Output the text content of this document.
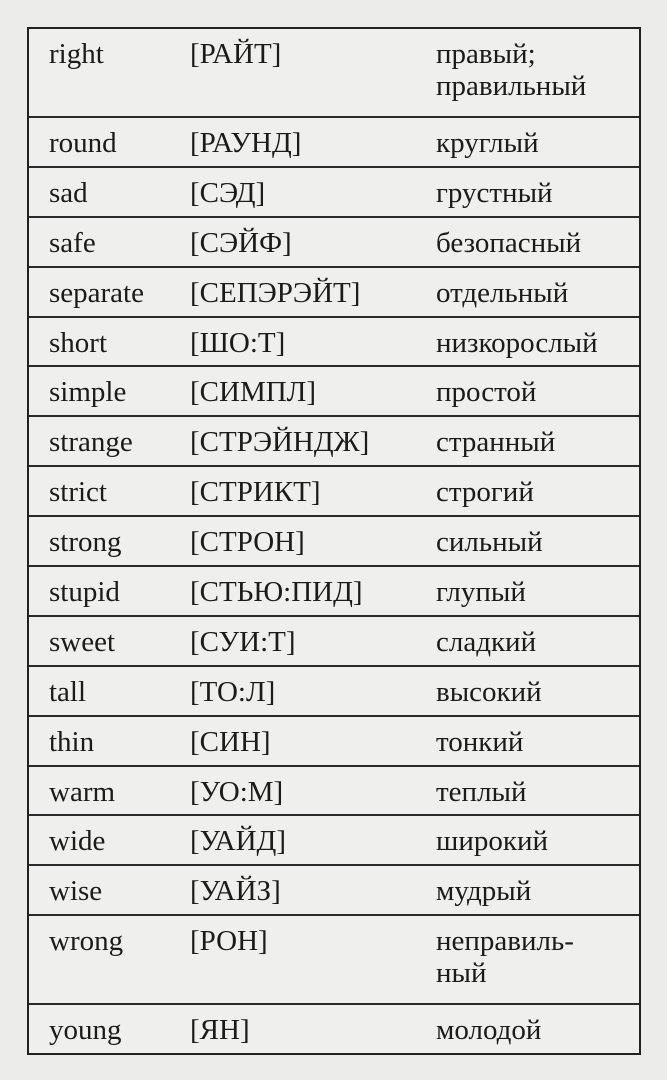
right	[РАЙТ]	правый;
правильный
round	[РАУНД]	круглый
sad	[СЭД]	грустный
safe	[СЭЙФ]	безопасный
separate	[СЕПЭРЭЙТ]	отдельный
short	[ШО:Т]	низкорослый
simple	[СИМПЛ]	простой
strange	[СТРЭЙНДЖ]	странный
strict	[СТРИКТ]	строгий
strong	[СТРОН]	сильный
stupid	[СТЬЮ:ПИД]	глупый
sweet	[СУИ:Т]	сладкий
tall	[ТО:Л]	высокий
thin	[СИН]	тонкий
warm	[УО:М]	теплый
wide	[УАЙД]	широкий
wise	[УАЙЗ]	мудрый
wrong	[РОН]	неправиль-
ный
young	[ЯН]	молодой
